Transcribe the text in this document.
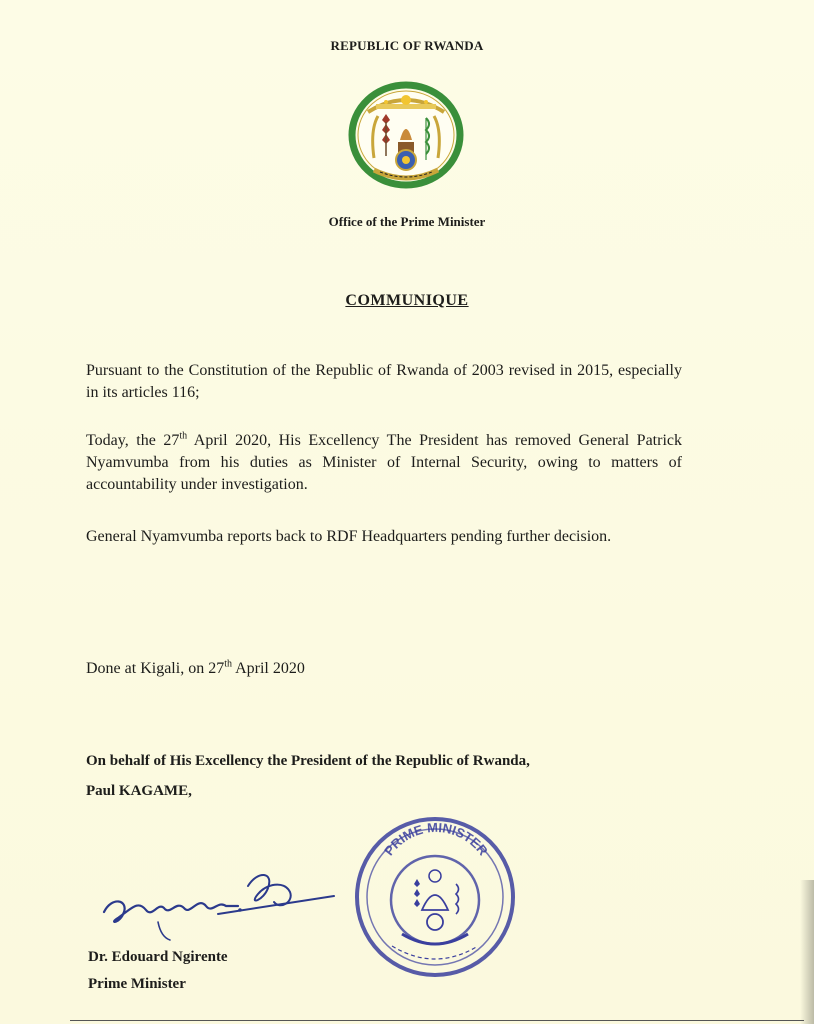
REPUBLIC OF RWANDA
Office of the Prime Minister
COMMUNIQUE
Pursuant to the Constitution of the Republic of Rwanda of 2003 revised in 2015, especially in its articles 116;
Today, the 27th April 2020, His Excellency The President has removed General Patrick Nyamvumba from his duties as Minister of Internal Security, owing to matters of accountability under investigation.
General Nyamvumba reports back to RDF Headquarters pending further decision.
Done at Kigali, on 27th April 2020
On behalf of His Excellency the President of the Republic of Rwanda,
Paul KAGAME,
PRIME MINISTER
Dr. Edouard Ngirente
Prime Minister
